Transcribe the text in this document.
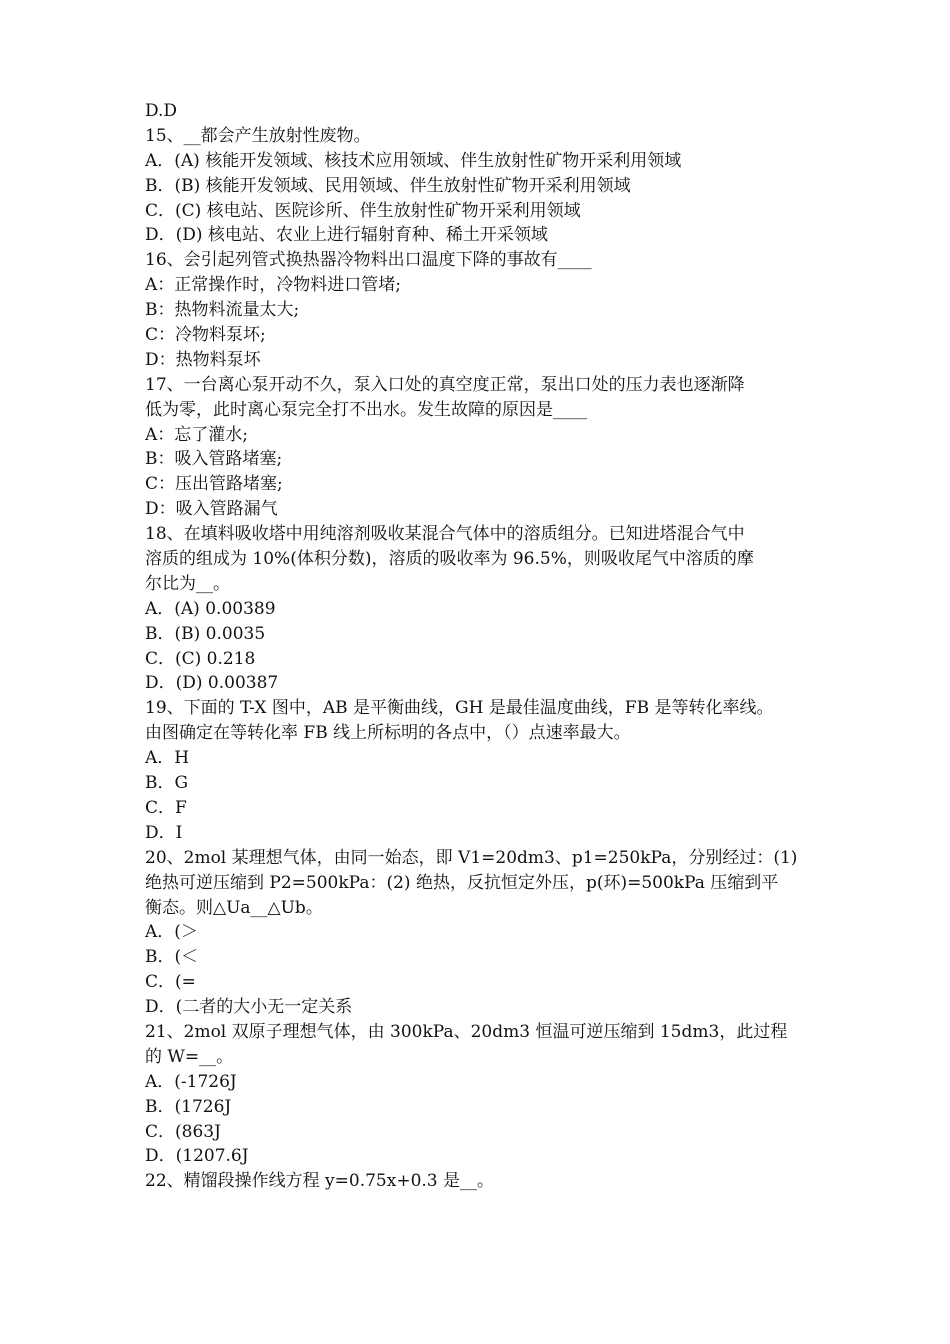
D.D
15、__都会产生放射性废物。
A．(A) 核能开发领域、核技术应用领域、伴生放射性矿物开采利用领域
B．(B) 核能开发领域、民用领域、伴生放射性矿物开采利用领域
C．(C) 核电站、医院诊所、伴生放射性矿物开采利用领域
D．(D) 核电站、农业上进行辐射育种、稀土开采领域
16、会引起列管式换热器冷物料出口温度下降的事故有____
A：正常操作时，冷物料进口管堵;
B：热物料流量太大;
C：冷物料泵坏;
D：热物料泵坏
17、一台离心泵开动不久，泵入口处的真空度正常，泵出口处的压力表也逐渐降
低为零，此时离心泵完全打不出水。发生故障的原因是____
A：忘了灌水;
B：吸入管路堵塞;
C：压出管路堵塞;
D：吸入管路漏气
18、在填料吸收塔中用纯溶剂吸收某混合气体中的溶质组分。已知进塔混合气中
溶质的组成为 10%(体积分数)，溶质的吸收率为 96.5%，则吸收尾气中溶质的摩
尔比为__。
A．(A) 0.00389
B．(B) 0.0035
C．(C) 0.218
D．(D) 0.00387
19、下面的 T-X 图中，AB 是平衡曲线，GH 是最佳温度曲线，FB 是等转化率线。
由图确定在等转化率 FB 线上所标明的各点中，（）点速率最大。
A．H
B．G
C．F
D．I
20、2mol 某理想气体，由同一始态，即 V1=20dm3、p1=250kPa，分别经过：(1)
绝热可逆压缩到 P2=500kPa：(2) 绝热，反抗恒定外压，p(环)=500kPa 压缩到平
衡态。则△Ua__△Ub。
A．(＞
B．(＜
C．(=
D．(二者的大小无一定关系
21、2mol 双原子理想气体，由 300kPa、20dm3 恒温可逆压缩到 15dm3，此过程
的 W=__。
A．(-1726J
B．(1726J
C．(863J
D．(1207.6J
22、精馏段操作线方程 y=0.75x+0.3 是__。
